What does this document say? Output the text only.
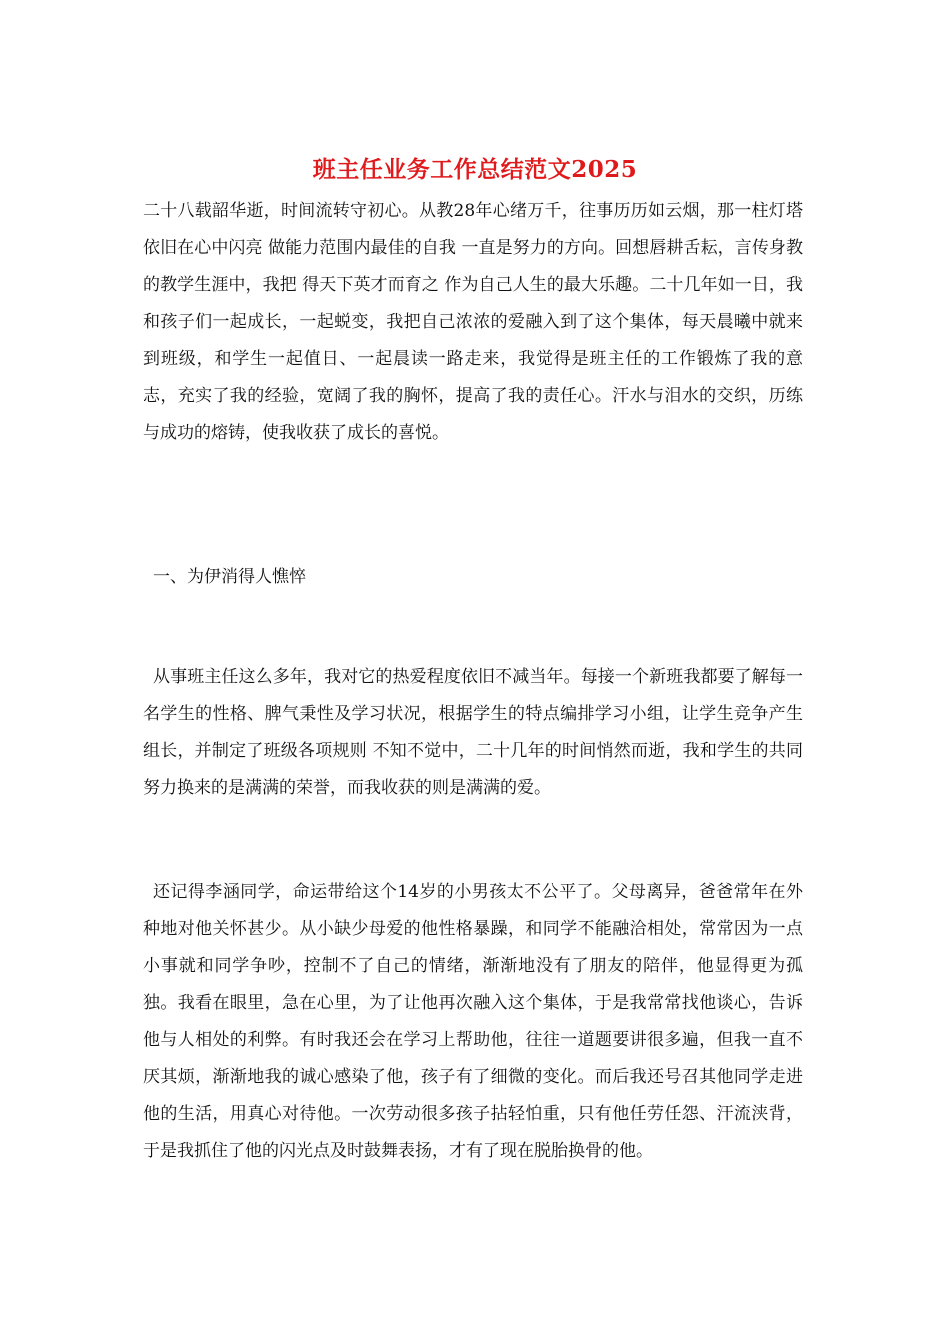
班主任业务工作总结范文2025

二十八载韶华逝，时间流转守初心。从教28年心绪万千，往事历历如云烟，那一柱灯塔依旧在心中闪亮 做能力范围内最佳的自我 一直是努力的方向。回想唇耕舌耘，言传身教的教学生涯中，我把 得天下英才而育之 作为自己人生的最大乐趣。二十几年如一日，我和孩子们一起成长，一起蜕变，我把自己浓浓的爱融入到了这个集体，每天晨曦中就来到班级，和学生一起值日、一起晨读一路走来，我觉得是班主任的工作锻炼了我的意志，充实了我的经验，宽阔了我的胸怀，提高了我的责任心。汗水与泪水的交织，历练与成功的熔铸，使我收获了成长的喜悦。

一、为伊消得人憔悴

从事班主任这么多年，我对它的热爱程度依旧不减当年。每接一个新班我都要了解每一名学生的性格、脾气秉性及学习状况，根据学生的特点编排学习小组，让学生竞争产生组长，并制定了班级各项规则 不知不觉中，二十几年的时间悄然而逝，我和学生的共同努力换来的是满满的荣誉，而我收获的则是满满的爱。

还记得李涵同学，命运带给这个14岁的小男孩太不公平了。父母离异，爸爸常年在外种地对他关怀甚少。从小缺少母爱的他性格暴躁，和同学不能融洽相处，常常因为一点小事就和同学争吵，控制不了自己的情绪，渐渐地没有了朋友的陪伴，他显得更为孤独。我看在眼里，急在心里，为了让他再次融入这个集体，于是我常常找他谈心，告诉他与人相处的利弊。有时我还会在学习上帮助他，往往一道题要讲很多遍，但我一直不厌其烦，渐渐地我的诚心感染了他，孩子有了细微的变化。而后我还号召其他同学走进他的生活，用真心对待他。一次劳动很多孩子拈轻怕重，只有他任劳任怨、汗流浃背，于是我抓住了他的闪光点及时鼓舞表扬，才有了现在脱胎换骨的他。
